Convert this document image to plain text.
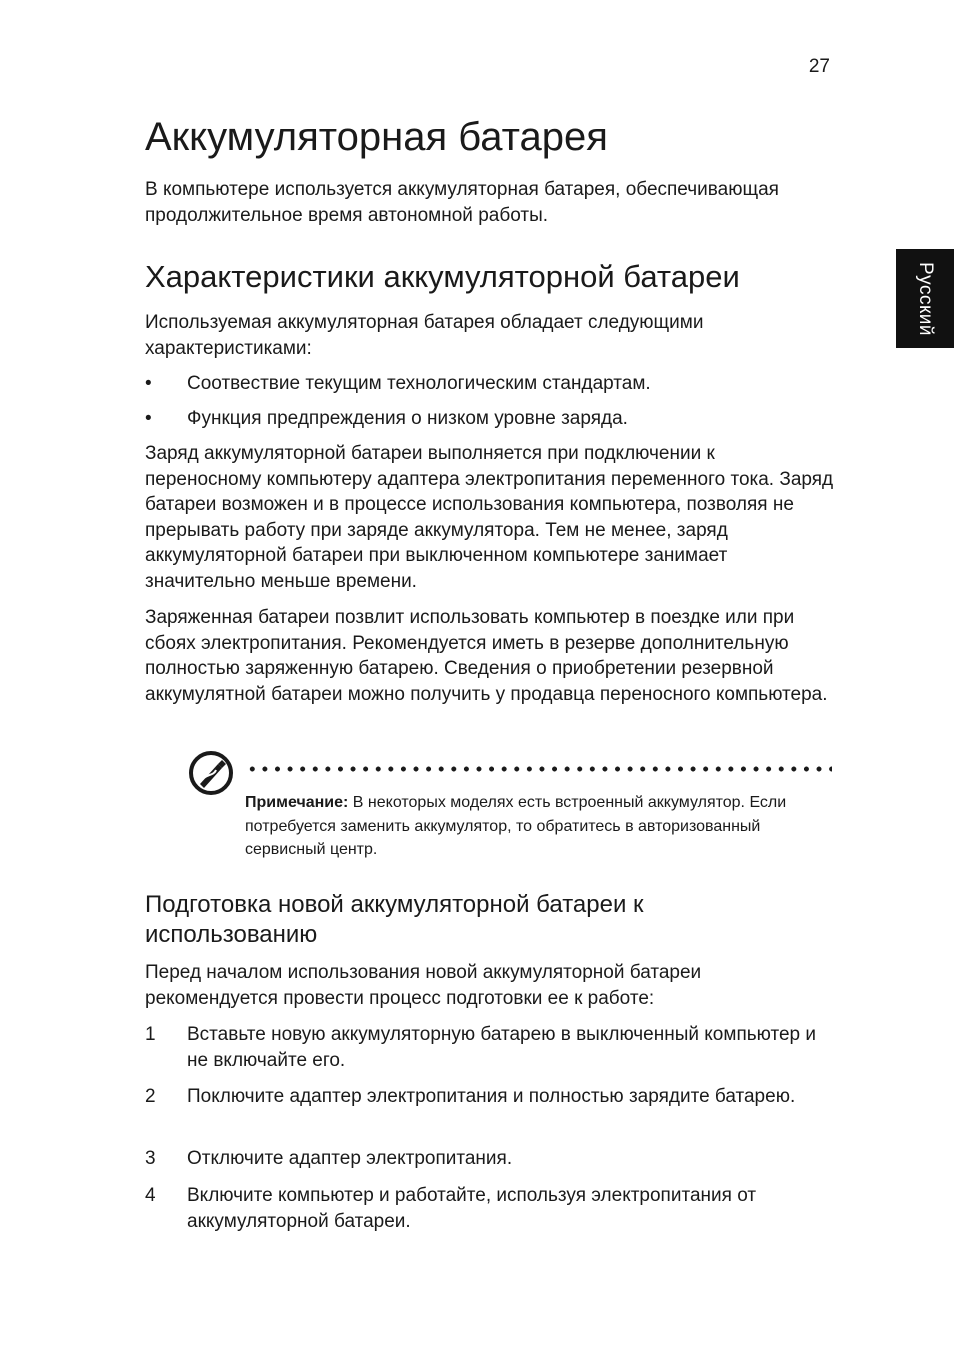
27
Русский
Аккумуляторная батарея

В компьютере используется аккумуляторная батарея, обеспечивающая продолжительное время автономной работы.

Характеристики аккумуляторной батареи

Используемая аккумуляторная батарея обладает следующими характеристиками:

• Соотвествие текущим технологическим стандартам.
• Функция предпреждения о низком уровне заряда.

Заряд аккумуляторной батареи выполняется при подключении к переносному компьютеру адаптера электропитания переменного тока. Заряд батареи возможен и в процессе использования компьютера, позволяя не прерывать работу при заряде аккумулятора. Тем не менее, заряд аккумуляторной батареи при выключенном компьютере занимает значительно меньше времени.

Заряженная батареи позвлит использовать компьютер в поездке или при сбоях электропитания. Рекомендуется иметь в резерве дополнительную полностью заряженную батарею. Сведения о приобретении резервной аккумулятной батареи можно получить у продавца переносного компьютера.

Подготовка новой аккумуляторной батареи к использованию

Перед началом использования новой аккумуляторной батареи рекомендуется провести процесс подготовки ее к работе:

1 Вставьте новую аккумуляторную батарею в выключенный компьютер и не включайте его.
2 Поключите адаптер электропитания и полностью зарядите батарею.
3 Отключите адаптер электропитания.
4 Включите компьютер и работайте, используя электропитания от аккумуляторной батареи.
Примечание: В некоторых моделях есть встроенный аккумулятор. Если потребуется заменить аккумулятор, то обратитесь в авторизованный сервисный центр.
